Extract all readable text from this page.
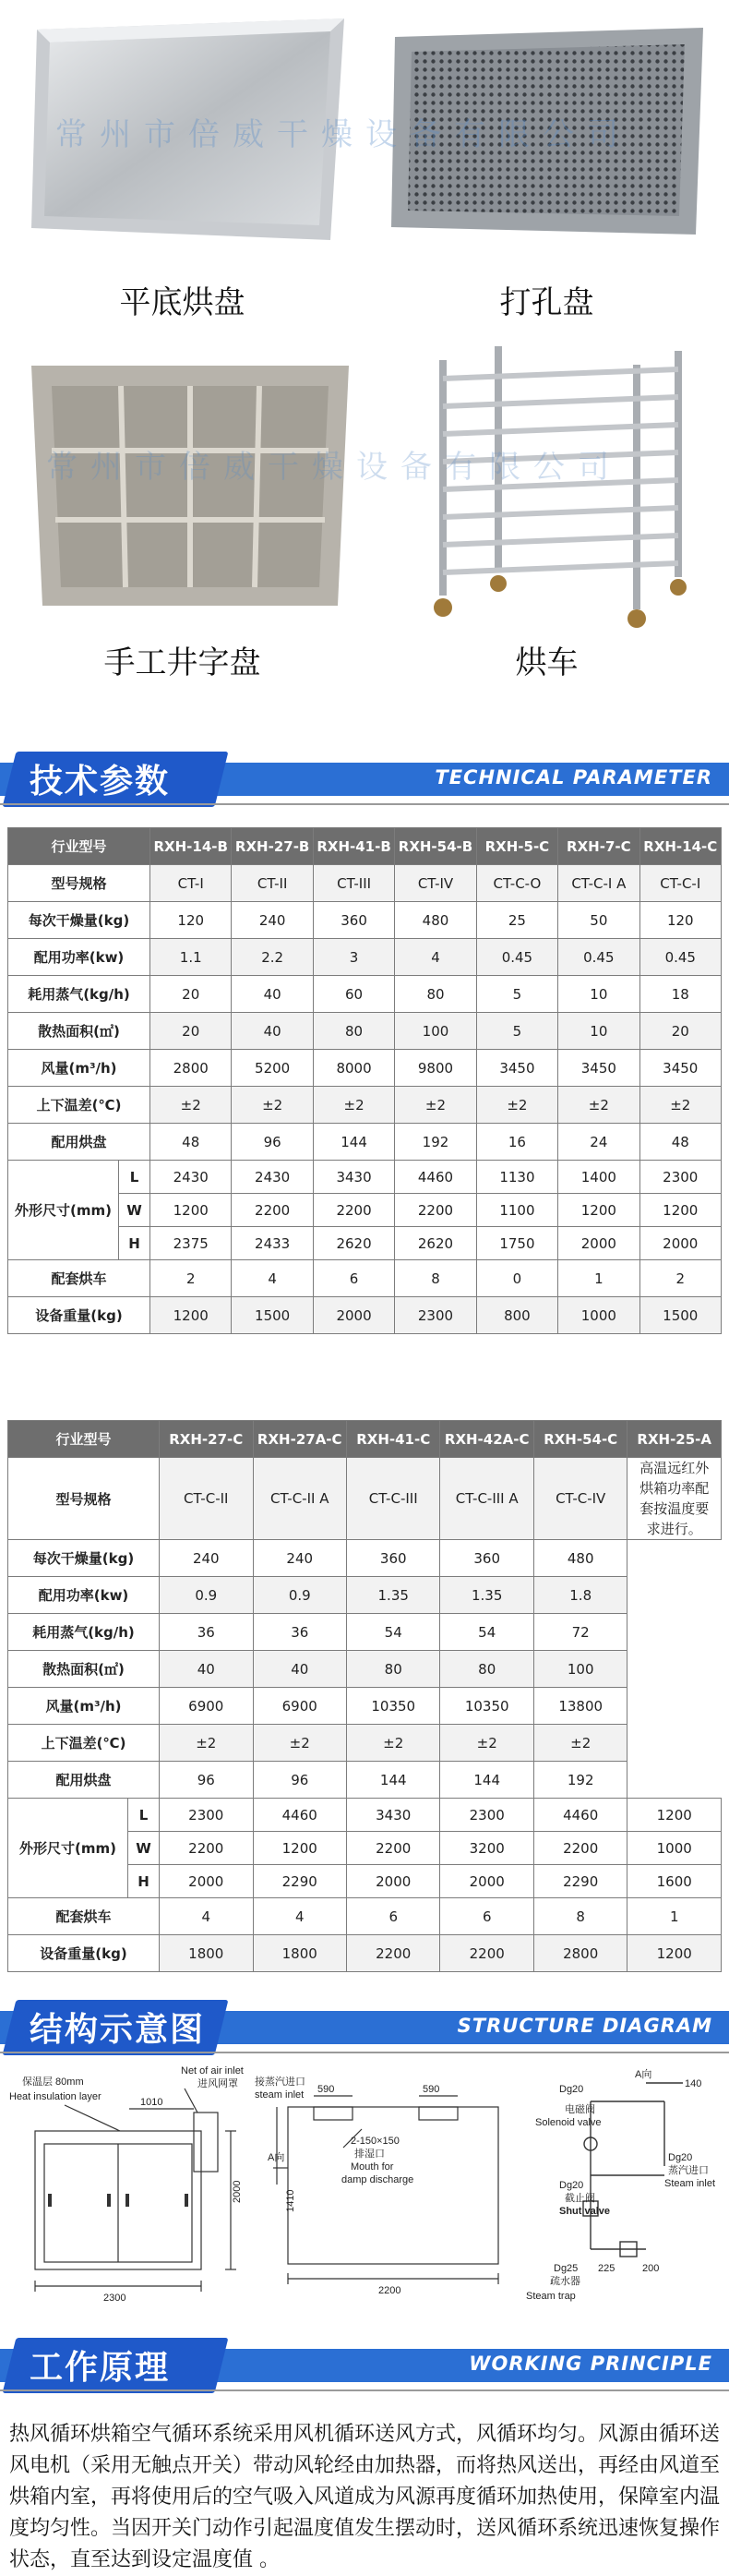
平底烘盘	打孔盘
手工井字盘	烘车
常州市倍威干燥设备有限公司
常州市倍威干燥设备有限公司
技术参数	TECHNICAL PARAMETER
行业型号		RXH-14-B	RXH-27-B	RXH-41-B	RXH-54-B	RXH-5-C	RXH-7-C	RXH-14-C
型号规格		CT-I	CT-II	CT-III	CT-IV	CT-C-O	CT-C-I A	CT-C-I
每次干燥量(kg)		120	240	360	480	25	50	120
配用功率(kw)		1.1	2.2	3	4	0.45	0.45	0.45
耗用蒸气(kg/h)		20	40	60	80	5	10	18
散热面积(㎡)		20	40	80	100	5	10	20
风量(m³/h)		2800	5200	8000	9800	3450	3450	3450
上下温差(℃)		±2	±2	±2	±2	±2	±2	±2
配用烘盘		48	96	144	192	16	24	48
外形尺寸(mm)	L	2430	2430	3430	4460	1130	1400	2300
	W	1200	2200	2200	2200	1100	1200	1200
	H	2375	2433	2620	2620	1750	2000	2000
配套烘车		2	4	6	8	0	1	2
设备重量(kg)		1200	1500	2000	2300	800	1000	1500
行业型号		RXH-27-C	RXH-27A-C	RXH-41-C	RXH-42A-C	RXH-54-C	RXH-25-A
型号规格		CT-C-II	CT-C-II A	CT-C-III	CT-C-III A	CT-C-IV	高温远红外烘箱功率配套按温度要求进行。
每次干燥量(kg)		240	240	360	360	480	
配用功率(kw)		0.9	0.9	1.35	1.35	1.8	
耗用蒸气(kg/h)		36	36	54	54	72	
散热面积(㎡)		40	40	80	80	100	
风量(m³/h)		6900	6900	10350	10350	13800	
上下温差(℃)		±2	±2	±2	±2	±2	
配用烘盘		96	96	144	144	192	
外形尺寸(mm)	L	2300	4460	3430	2300	4460	1200
	W	2200	1200	2200	3200	2200	1000
	H	2000	2290	2000	2000	2290	1600
配套烘车		4	4	6	6	8	1
设备重量(kg)		1800	1800	2200	2200	2800	1200
结构示意图	STRUCTURE DIAGRAM
保温层 80mm
Heat insulation layer
Net of air inlet
进风网罩
1010
2000
2300
接蒸汽进口
steam inlet 590	590
2-150×150
排湿口
Mouth for
damp discharge
A向
1410
2200
A向
140
Dg20
电磁阀
Solenoid valve
Dg20
蒸汽进口
Steam inlet
Dg20
截止阀
Shut valve
Dg25
疏水器
Steam trap
225	200
工作原理	WORKING PRINCIPLE
热风循环烘箱空气循环系统采用风机循环送风方式，风循环均匀。风源由循环送风电机（采用无触点开关）带动风轮经由加热器，而将热风送出，再经由风道至烘箱内室，再将使用后的空气吸入风道成为风源再度循环加热使用，保障室内温度均匀性。当因开关门动作引起温度值发生摆动时，送风循环系统迅速恢复操作状态，直至达到设定温度值 。
